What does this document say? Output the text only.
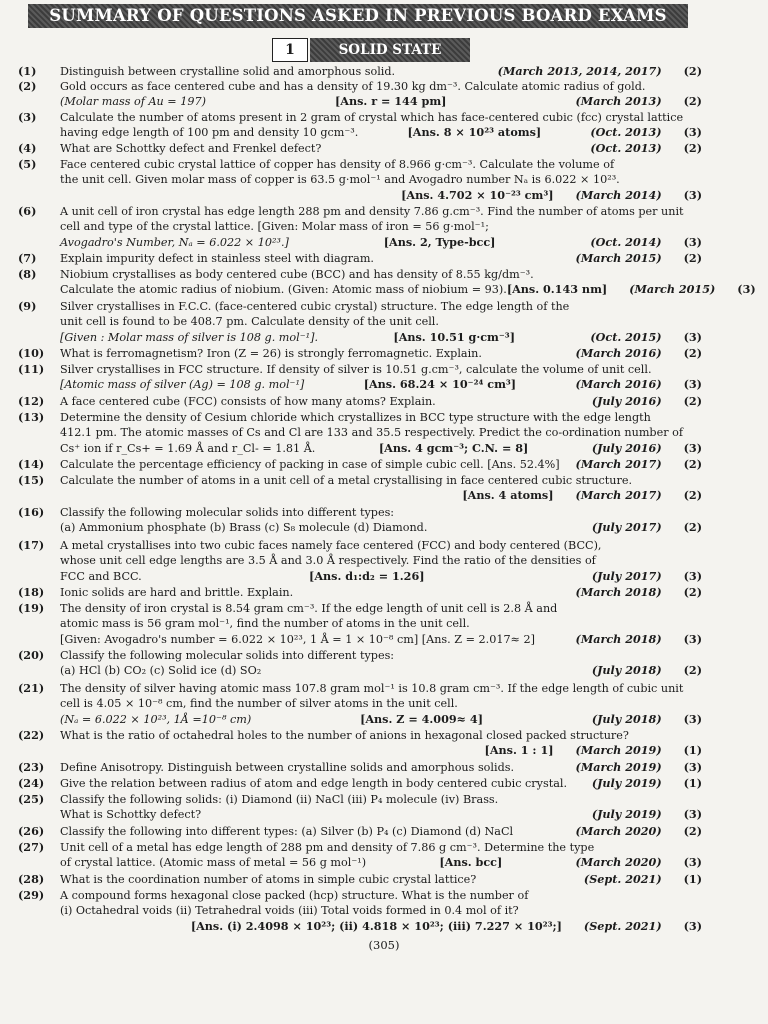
SUMMARY OF QUESTIONS ASKED IN PREVIOUS BOARD EXAMS
1	SOLID STATE
(1) Distinguish between crystalline solid and amorphous solid.	(March 2013, 2014, 2017) (2)
(2) Gold occurs as face centered cube and has a density of 19.30 kg dm⁻³. Calculate atomic radius of gold.
(Molar mass of Au = 197)	[Ans. r = 144 pm]	(March 2013) (2)
(3) Calculate the number of atoms present in 2 gram of crystal which has face-centered cubic (fcc) crystal lattice
having edge length of 100 pm and density 10 gcm⁻³.	[Ans. 8 × 10²³ atoms]	(Oct. 2013) (3)
(4) What are Schottky defect and Frenkel defect?	(Oct. 2013) (2)
(5) Face centered cubic crystal lattice of copper has density of 8.966 g·cm⁻³. Calculate the volume of
the unit cell. Given molar mass of copper is 63.5 g·mol⁻¹ and Avogadro number Nₐ is 6.022 × 10²³.
[Ans. 4.702 × 10⁻²³ cm³] (March 2014) (3)
(6) A unit cell of iron crystal has edge length 288 pm and density 7.86 g.cm⁻³. Find the number of atoms per unit
cell and type of the crystal lattice. [Given: Molar mass of iron = 56 g·mol⁻¹;
Avogadro's Number, Nₐ = 6.022 × 10²³.]	[Ans. 2, Type-bcc]	(Oct. 2014) (3)
(7) Explain impurity defect in stainless steel with diagram.	(March 2015) (2)
(8) Niobium crystallises as body centered cube (BCC) and has density of 8.55 kg/dm⁻³.
Calculate the atomic radius of niobium. (Given: Atomic mass of niobium = 93). [Ans. 0.143 nm] (March 2015) (3)
(9) Silver crystallises in F.C.C. (face-centered cubic crystal) structure. The edge length of the
unit cell is found to be 408.7 pm. Calculate density of the unit cell.
[Given : Molar mass of silver is 108 g. mol⁻¹].	[Ans. 10.51 g·cm⁻³]	(Oct. 2015) (3)
(10) What is ferromagnetism? Iron (Z = 26) is strongly ferromagnetic. Explain.	(March 2016) (2)
(11) Silver crystallises in FCC structure. If density of silver is 10.51 g.cm⁻³, calculate the volume of unit cell.
[Atomic mass of silver (Ag) = 108 g. mol⁻¹]	[Ans. 68.24 × 10⁻²⁴ cm³]	(March 2016) (3)
(12) A face centered cube (FCC) consists of how many atoms? Explain.	(July 2016) (2)
(13) Determine the density of Cesium chloride which crystallizes in BCC type structure with the edge length
412.1 pm. The atomic masses of Cs and Cl are 133 and 35.5 respectively. Predict the co-ordination number of
Cs⁺ ion if r_Cs+ = 1.69 Å and r_Cl- = 1.81 Å.	[Ans. 4 gcm⁻³; C.N. = 8]	(July 2016) (3)
(14) Calculate the percentage efficiency of packing in case of simple cubic cell. [Ans. 52.4%] (March 2017) (2)
(15) Calculate the number of atoms in a unit cell of a metal crystallising in face centered cubic structure.
[Ans. 4 atoms] (March 2017) (2)
(16) Classify the following molecular solids into different types:
(a) Ammonium phosphate (b) Brass (c) S₈ molecule (d) Diamond.	(July 2017) (2)
(17) A metal crystallises into two cubic faces namely face centered (FCC) and body centered (BCC),
whose unit cell edge lengths are 3.5 Å and 3.0 Å respectively. Find the ratio of the densities of
FCC and BCC.	[Ans. d₁:d₂ = 1.26]	(July 2017) (3)
(18) Ionic solids are hard and brittle. Explain.	(March 2018) (2)
(19) The density of iron crystal is 8.54 gram cm⁻³. If the edge length of unit cell is 2.8 Å and
atomic mass is 56 gram mol⁻¹, find the number of atoms in the unit cell.
[Given: Avogadro's number = 6.022 × 10²³, 1 Å = 1 × 10⁻⁸ cm] [Ans. Z = 2.017≈ 2]	(March 2018) (3)
(20) Classify the following molecular solids into different types:
(a) HCl (b) CO₂ (c) Solid ice (d) SO₂	(July 2018) (2)
(21) The density of silver having atomic mass 107.8 gram mol⁻¹ is 10.8 gram cm⁻³. If the edge length of cubic unit
cell is 4.05 × 10⁻⁸ cm, find the number of silver atoms in the unit cell.
(Nₐ = 6.022 × 10²³, 1Å =10⁻⁸ cm)	[Ans. Z = 4.009≈ 4]	(July 2018) (3)
(22) What is the ratio of octahedral holes to the number of anions in hexagonal closed packed structure?
[Ans. 1 : 1] (March 2019) (1)
(23) Define Anisotropy. Distinguish between crystalline solids and amorphous solids.	(March 2019) (3)
(24) Give the relation between radius of atom and edge length in body centered cubic crystal. (July 2019) (1)
(25) Classify the following solids: (i) Diamond (ii) NaCl (iii) P₄ molecule (iv) Brass.
What is Schottky defect?	(July 2019) (3)
(26) Classify the following into different types: (a) Silver (b) P₄ (c) Diamond (d) NaCl	(March 2020) (2)
(27) Unit cell of a metal has edge length of 288 pm and density of 7.86 g cm⁻³. Determine the type
of crystal lattice. (Atomic mass of metal = 56 g mol⁻¹)	[Ans. bcc]	(March 2020) (3)
(28) What is the coordination number of atoms in simple cubic crystal lattice?	(Sept. 2021) (1)
(29) A compound forms hexagonal close packed (hcp) structure. What is the number of
(i) Octahedral voids (ii) Tetrahedral voids (iii) Total voids formed in 0.4 mol of it?
[Ans. (i) 2.4098 × 10²³; (ii) 4.818 × 10²³; (iii) 7.227 × 10²³;] (Sept. 2021) (3)
(305)
